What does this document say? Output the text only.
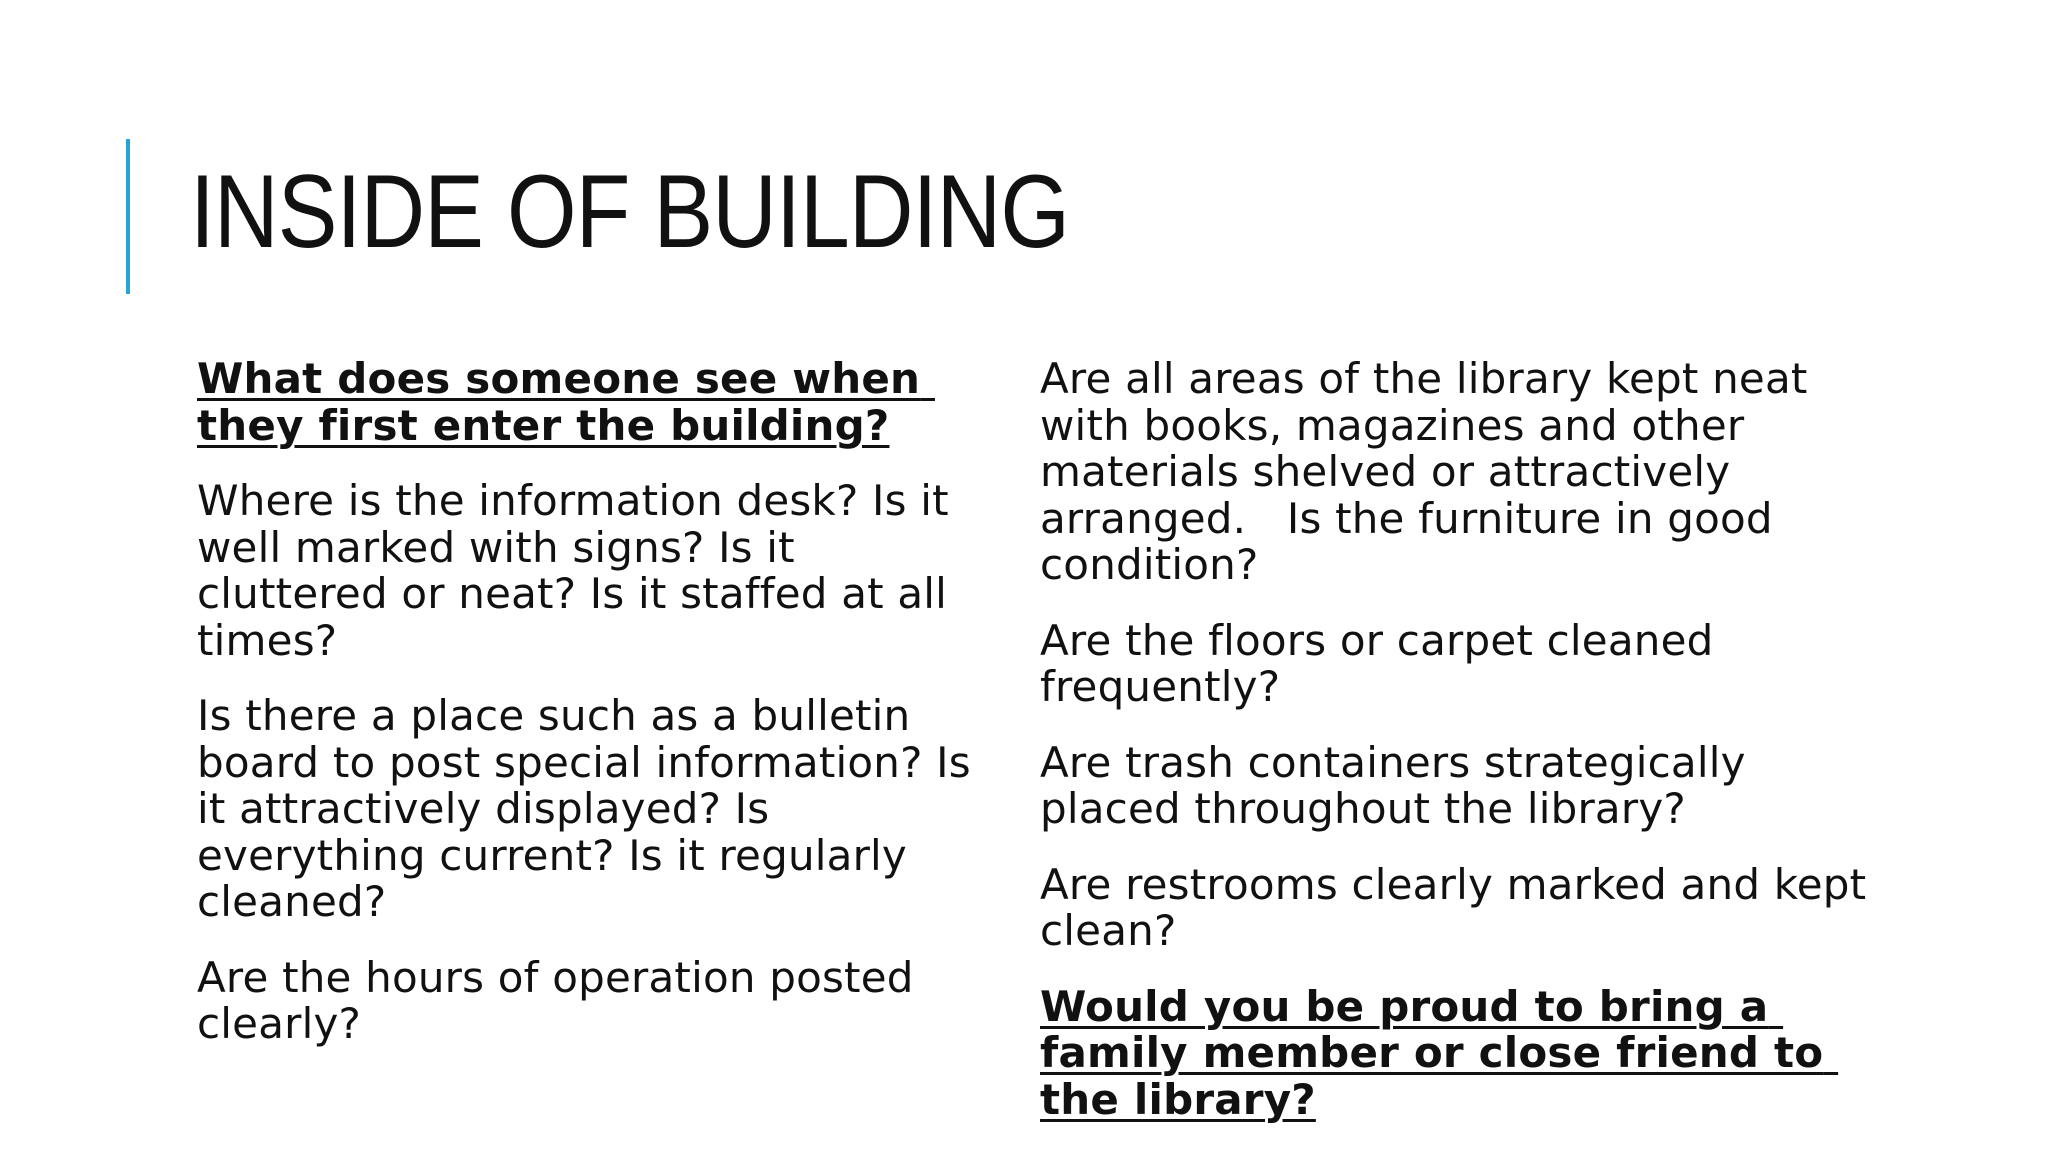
INSIDE OF BUILDING

What does someone see when they first enter the building?

Where is the information desk? Is it well marked with signs? Is it cluttered or neat? Is it staffed at all times?

Is there a place such as a bulletin board to post special information? Is it attractively displayed? Is everything current? Is it regularly cleaned?

Are the hours of operation posted clearly?

Are all areas of the library kept neat with books, magazines and other materials shelved or attractively arranged.   Is the furniture in good condition?

Are the floors or carpet cleaned frequently?

Are trash containers strategically placed throughout the library?

Are restrooms clearly marked and kept clean?

Would you be proud to bring a family member or close friend to the library?
